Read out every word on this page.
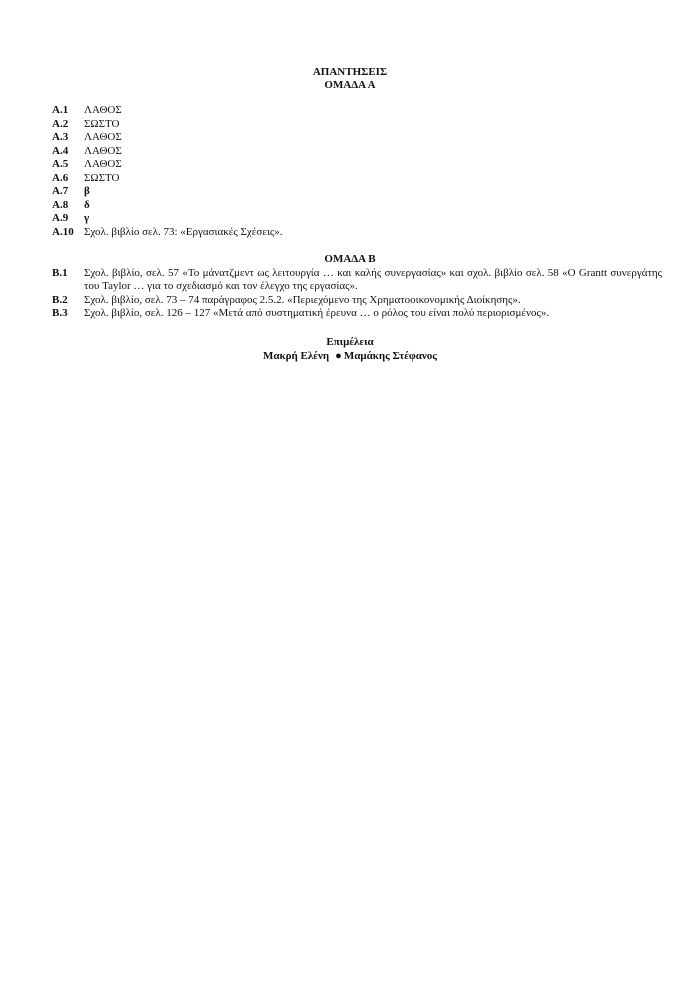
ΑΠΑΝΤΗΣΕΙΣ
ΟΜΑΔΑ Α
Α.1 ΛΑΘΟΣ
Α.2 ΣΩΣΤΟ
Α.3 ΛΑΘΟΣ
Α.4 ΛΑΘΟΣ
Α.5 ΛΑΘΟΣ
Α.6 ΣΩΣΤΟ
Α.7 β
Α.8 δ
Α.9 γ
Α.10 Σχολ. βιβλίο σελ. 73: «Εργασιακές Σχέσεις».
ΟΜΑΔΑ Β
Β.1 Σχολ. βιβλίο, σελ. 57 «Το μάνατζμεντ ως λειτουργία … και καλής συνεργασίας» και σχολ. βιβλίο σελ. 58 «Ο Grantt συνεργάτης του Taylor … για το σχεδιασμό και τον έλεγχο της εργασίας».
Β.2 Σχολ. βιβλίο, σελ. 73 – 74 παράγραφος 2.5.2. «Περιεχόμενο της Χρηματοοικονομικής Διοίκησης».
Β.3 Σχολ. βιβλίο, σελ. 126 – 127 «Μετά από συστηματική έρευνα … ο ρόλος του είναι πολύ περιορισμένος».
Επιμέλεια
Μακρή Ελένη ● Μαμάκης Στέφανος
